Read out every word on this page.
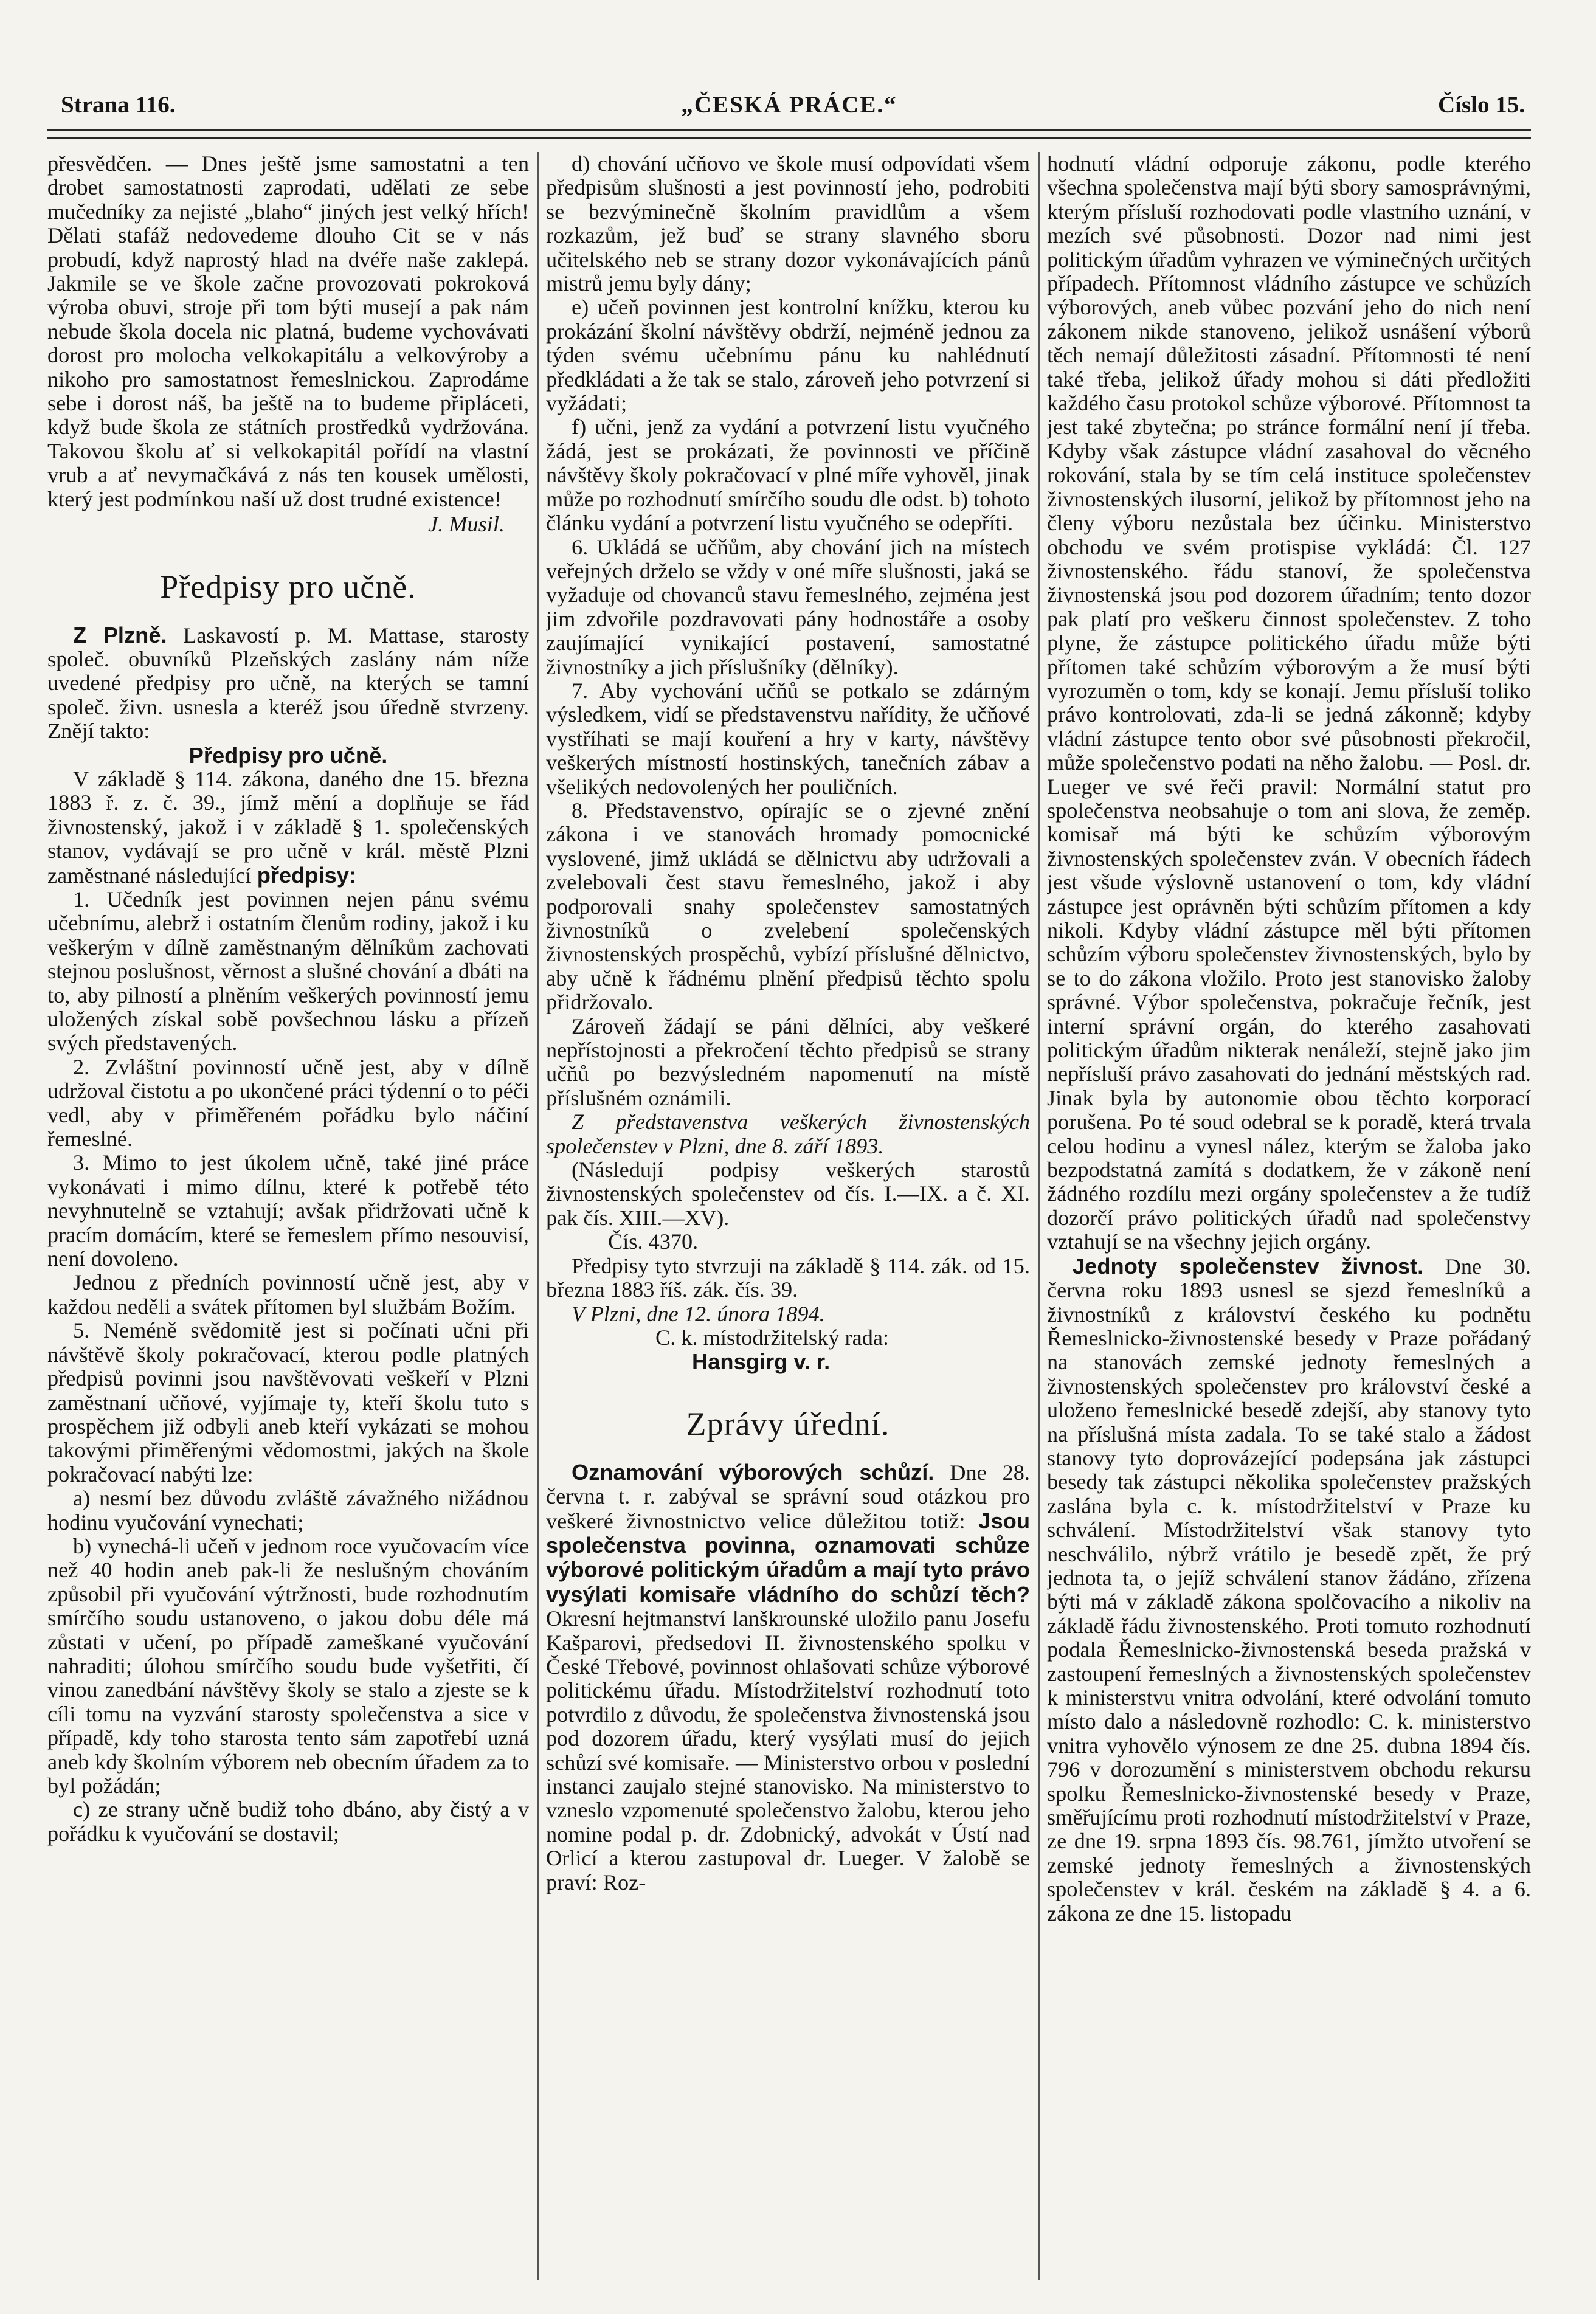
Strana 116.	„ČESKÁ PRÁCE.“	Číslo 15.

přesvědčen. — Dnes ještě jsme samostatni a ten drobet samostatnosti zaprodati, udělati ze sebe mučedníky za nejisté „blaho“ jiných jest velký hřích! Dělati stafáž nedovedeme dlouho Cit se v nás probudí, když naprostý hlad na dvéře naše zaklepá. Jakmile se ve škole začne provozovati pokroková výroba obuvi, stroje při tom býti musejí a pak nám nebude škola docela nic platná, budeme vychovávati dorost pro molocha velkokapitálu a velkovýroby a nikoho pro samostatnost řemeslnickou. Zaprodáme sebe i dorost náš, ba ještě na to budeme připláceti, když bude škola ze státních prostředků vydržována. Takovou školu ať si velkokapitál pořídí na vlastní vrub a ať nevymačkává z nás ten kousek umělosti, který jest podmínkou naší už dost trudné existence!

J. Musil.
Předpisy pro učně.

Z Plzně. Laskavostí p. M. Mattase, starosty společ. obuvníků Plzeňských zaslány nám níže uvedené předpisy pro učně, na kterých se tamní společ. živn. usnesla a kteréž jsou úředně stvrzeny. Znějí takto:

Předpisy pro učně.

V základě § 114. zákona, daného dne 15. března 1883 ř. z. č. 39., jímž mění a doplňuje se řád živnostenský, jakož i v základě § 1. společenských stanov, vydávají se pro učně v král. městě Plzni zaměstnané následující předpisy:

1. Učedník jest povinnen nejen pánu svému učebnímu, alebrž i ostatním členům rodiny, jakož i ku veškerým v dílně zaměstnaným dělníkům zachovati stejnou poslušnost, věrnost a slušné chování a dbáti na to, aby pilností a plněním veškerých povinností jemu uložených získal sobě povšechnou lásku a přízeň svých představených.

2. Zvláštní povinností učně jest, aby v dílně udržoval čistotu a po ukončené práci týdenní o to péči vedl, aby v přiměřeném pořádku bylo náčiní řemeslné.

3. Mimo to jest úkolem učně, také jiné práce vykonávati i mimo dílnu, které k potřebě této nevyhnutelně se vztahují; avšak přidržovati učně k pracím domácím, které se řemeslem přímo nesouvisí, není dovoleno.

Jednou z předních povinností učně jest, aby v každou neděli a svátek přítomen byl službám Božím.

5. Neméně svědomitě jest si počínati učni při návštěvě školy pokračovací, kterou podle platných předpisů povinni jsou navštěvovati veškeří v Plzni zaměstnaní učňové, vyjímaje ty, kteří školu tuto s prospěchem již odbyli aneb kteří vykázati se mohou takovými přiměřenými vědomostmi, jakých na škole pokračovací nabýti lze:

a) nesmí bez důvodu zvláště závažného nižádnou hodinu vyučování vynechati;

b) vynechá-li učeň v jednom roce vyučovacím více než 40 hodin aneb pak-li že neslušným chováním způsobil při vyučování výtržnosti, bude rozhodnutím smírčího soudu ustanoveno, o jakou dobu déle má zůstati v učení, po případě zameškané vyučování nahraditi; úlohou smírčího soudu bude vyšetřiti, čí vinou zanedbání návštěvy školy se stalo a zjeste se k cíli tomu na vyzvání starosty společenstva a sice v případě, kdy toho starosta tento sám zapotřebí uzná aneb kdy školním výborem neb obecním úřadem za to byl požádán;

c) ze strany učně budiž toho dbáno, aby čistý a v pořádku k vyučování se dostavil;

d) chování učňovo ve škole musí odpovídati všem předpisům slušnosti a jest povinností jeho, podrobiti se bezvýminečně školním pravidlům a všem rozkazům, jež buď se strany slavného sboru učitelského neb se strany dozor vykonávajících pánů mistrů jemu byly dány;

e) učeň povinnen jest kontrolní knížku, kterou ku prokázání školní návštěvy obdrží, nejméně jednou za týden svému učebnímu pánu ku nahlédnutí předkládati a že tak se stalo, zároveň jeho potvrzení si vyžádati;

f) učni, jenž za vydání a potvrzení listu vyučného žádá, jest se prokázati, že povinnosti ve příčině návštěvy školy pokračovací v plné míře vyhověl, jinak může po rozhodnutí smírčího soudu dle odst. b) tohoto článku vydání a potvrzení listu vyučného se odepříti.

6. Ukládá se učňům, aby chování jich na místech veřejných drželo se vždy v oné míře slušnosti, jaká se vyžaduje od chovanců stavu řemeslného, zejména jest jim zdvořile pozdravovati pány hodnostáře a osoby zaujímající vynikající postavení, samostatné živnostníky a jich příslušníky (dělníky).

7. Aby vychování učňů se potkalo se zdárným výsledkem, vidí se představenstvu nařídity, že učňové vystříhati se mají kouření a hry v karty, návštěvy veškerých místností hostinských, tanečních zábav a všelikých nedovolených her pouličních.

8. Představenstvo, opírajíc se o zjevné znění zákona i ve stanovách hromady pomocnické vyslovené, jimž ukládá se dělnictvu aby udržovali a zvelebovali čest stavu řemeslného, jakož i aby podporovali snahy společenstev samostatných živnostníků o zvelebení společenských živnostenských prospěchů, vybízí příslušné dělnictvo, aby učně k řádnému plnění předpisů těchto spolu přidržovalo.

Zároveň žádají se páni dělníci, aby veškeré nepřístojnosti a překročení těchto předpisů se strany učňů po bezvýsledném napomenutí na místě příslušném oznámili.

Z představenstva veškerých živnostenských společenstev v Plzni, dne 8. září 1893.

(Následují podpisy veškerých starostů živnostenských společenstev od čís. I.—IX. a č. XI. pak čís. XIII.—XV).

Čís. 4370.

Předpisy tyto stvrzuji na základě § 114. zák. od 15. března 1883 říš. zák. čís. 39.

V Plzni, dne 12. února 1894.

C. k. místodržitelský rada:

Hansgirg v. r.

Zprávy úřední.

Oznamování výborových schůzí. Dne 28. června t. r. zabýval se správní soud otázkou pro veškeré živnostnictvo velice důležitou totiž: Jsou společenstva povinna, oznamovati schůze výborové politickým úřadům a mají tyto právo vysýlati komisaře vládního do schůzí těch? Okresní hejtmanství lanškrounské uložilo panu Josefu Kašparovi, předsedovi II. živnostenského spolku v České Třebové, povinnost ohlašovati schůze výborové politickému úřadu. Místodržitelství rozhodnutí toto potvrdilo z důvodu, že společenstva živnostenská jsou pod dozorem úřadu, který vysýlati musí do jejich schůzí své komisaře. — Ministerstvo orbou v poslední instanci zaujalo stejné stanovisko. Na ministerstvo to vzneslo vzpomenuté společenstvo žalobu, kterou jeho nomine podal p. dr. Zdobnický, advokát v Ústí nad Orlicí a kterou zastupoval dr. Lueger. V žalobě se praví: Roz-

hodnutí vládní odporuje zákonu, podle kterého všechna společenstva mají býti sbory samosprávnými, kterým přísluší rozhodovati podle vlastního uznání, v mezích své působnosti. Dozor nad nimi jest politickým úřadům vyhrazen ve výminečných určitých případech. Přítomnost vládního zástupce ve schůzích výborových, aneb vůbec pozvání jeho do nich není zákonem nikde stanoveno, jelikož usnášení výborů těch nemají důležitosti zásadní. Přítomnosti té není také třeba, jelikož úřady mohou si dáti předložiti každého času protokol schůze výborové. Přítomnost ta jest také zbytečna; po stránce formální není jí třeba. Kdyby však zástupce vládní zasahoval do věcného rokování, stala by se tím celá instituce společenstev živnostenských ilusorní, jelikož by přítomnost jeho na členy výboru nezůstala bez účinku. Ministerstvo obchodu ve svém protispise vykládá: Čl. 127 živnostenského. řádu stanoví, že společenstva živnostenská jsou pod dozorem úřadním; tento dozor pak platí pro veškeru činnost společenstev. Z toho plyne, že zástupce politického úřadu může býti přítomen také schůzím výborovým a že musí býti vyrozuměn o tom, kdy se konají. Jemu přísluší toliko právo kontrolovati, zda-li se jedná zákonně; kdyby vládní zástupce tento obor své působnosti překročil, může společenstvo podati na něho žalobu. — Posl. dr. Lueger ve své řeči pravil: Normální statut pro společenstva neobsahuje o tom ani slova, že zeměp. komisař má býti ke schůzím výborovým živnostenských společenstev zván. V obecních řádech jest všude výslovně ustanovení o tom, kdy vládní zástupce jest oprávněn býti schůzím přítomen a kdy nikoli. Kdyby vládní zástupce měl býti přítomen schůzím výboru společenstev živnostenských, bylo by se to do zákona vložilo. Proto jest stanovisko žaloby správné. Výbor společenstva, pokračuje řečník, jest interní správní orgán, do kterého zasahovati politickým úřadům nikterak nenáleží, stejně jako jim nepřísluší právo zasahovati do jednání městských rad. Jinak byla by autonomie obou těchto korporací porušena. Po té soud odebral se k poradě, která trvala celou hodinu a vynesl nález, kterým se žaloba jako bezpodstatná zamítá s dodatkem, že v zákoně není žádného rozdílu mezi orgány společenstev a že tudíž dozorčí právo politických úřadů nad společenstvy vztahují se na všechny jejich orgány.

Jednoty společenstev živnost. Dne 30. června roku 1893 usnesl se sjezd řemeslníků a živnostníků z království českého ku podnětu Řemeslnicko-živnostenské besedy v Praze pořádaný na stanovách zemské jednoty řemeslných a živnostenských společenstev pro království české a uloženo řemeslnické besedě zdejší, aby stanovy tyto na příslušná místa zadala. To se také stalo a žádost stanovy tyto doprovázející podepsána jak zástupci besedy tak zástupci několika společenstev pražských zaslána byla c. k. místodržitelství v Praze ku schválení. Místodržitelství však stanovy tyto neschválilo, nýbrž vrátilo je besedě zpět, že prý jednota ta, o jejíž schválení stanov žádáno, zřízena býti má v základě zákona spolčovacího a nikoliv na základě řádu živnostenského. Proti tomuto rozhodnutí podala Řemeslnicko-živnostenská beseda pražská v zastoupení řemeslných a živnostenských společenstev k ministerstvu vnitra odvolání, které odvolání tomuto místo dalo a následovně rozhodlo: C. k. ministerstvo vnitra vyhovělo výnosem ze dne 25. dubna 1894 čís. 796 v dorozumění s ministerstvem obchodu rekursu spolku Řemeslnicko-živnostenské besedy v Praze, směřujícímu proti rozhodnutí místodržitelství v Praze, ze dne 19. srpna 1893 čís. 98.761, jímžto utvoření se zemské jednoty řemeslných a živnostenských společenstev v král. českém na základě § 4. a 6. zákona ze dne 15. listopadu
